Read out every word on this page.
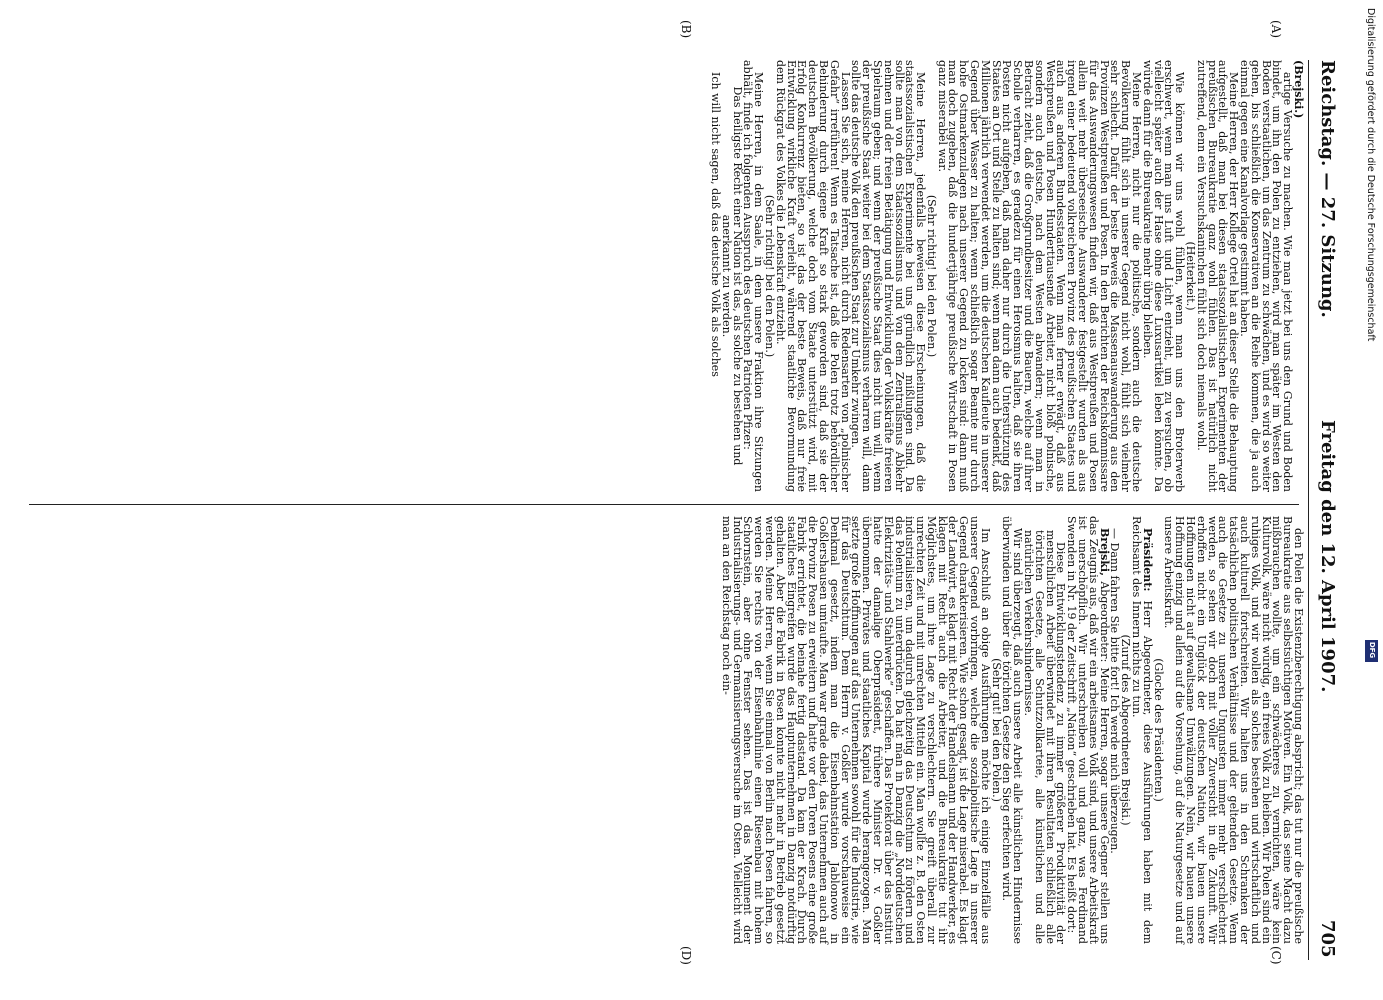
Reichstag. — 27. Sitzung.
Freitag den 12. April 1907.
705
(A)
(B)
(C)
(D)

(Brejski.)

artige Versuche zu machen. Wie man jetzt bei uns den Grund und Boden bindet, um ihn den Polen zu entziehen, wird man später im Westen den Boden verstaatlichen, um das Zentrum zu schwächen, und es wird so weiter gehen, bis schließlich die Konservativen an die Reihe kommen, die ja auch einmal gegen eine Kanalvorlage gestimmt haben.

Meine Herren, der Herr Kollege Ortel hat an dieser Stelle die Behauptung aufgestellt, daß man bei diesen staatssozialistischen Experimenten der preußischen Bureaukratie ganz wohl fühlen. Das ist natürlich nicht zutreffend, denn ein Versuchskaninchen fühlt sich doch niemals wohl.

(Heiterkeit.)

Wie können wir uns wohl fühlen, wenn man uns den Broterwerb erschwert, wenn man uns Luft und Licht entzieht, um zu versuchen, ob vielleicht später auch der Hase ohne diese Luxusartikel leben könnte. Da würde dann für die Bureaukratie mehr übrig bleiben.

Meine Herren, nicht nur die politische, sondern auch die deutsche Bevölkerung fühlt sich in unserer Gegend nicht wohl, fühlt sich vielmehr sehr schlecht. Dafür der beste Beweis die Massenauswanderung aus den Provinzen Westpreußen und Posen. In den Berichten der Reichskommissare für das Auswanderungswesen finden wir, daß aus Westpreußen und Posen allein weit mehr überseeische Auswanderer festgestellt wurden als aus irgend einer bedeutend volkreicheren Provinz des preußischen Staates und auch aus anderen Bundesstaaten. Wenn man ferner erwägt, daß aus Westpreußen und Posen Hunderttausende Arbeiter, nicht bloß polnische, sondern auch deutsche, nach dem Westen abwandern; wenn man in Betracht zieht, daß die Großgrundbesitzer und die Bauern, welche auf ihrer Scholle verharren, es geradezu für einen Heroismus halten, daß sie ihren Posten nicht aufgeben, daß man daher nur durch die Unterstützung des Staates an Ort und Stelle zu halten sind; wenn man dann auch bedenkt, daß Millionen jährlich verwendet werden, um die deutschen Kaufleute in unserer Gegend über Wasser zu halten; wenn schließlich sogar Beamte nur durch hohe Ostmarkenzulagen nach unserer Gegend zu locken sind: dann muß man doch zugeben, daß die hundertjährige preußische Wirtschaft in Posen ganz miserabel war.

(Sehr richtig! bei den Polen.)

Meine Herren, jedenfalls beweisen diese Erscheinungen, daß die staatssozialistischen Experimente bei uns gründlich mißlungen sind. Da sollte man von dem Staatssozialismus und von dem Zentralismus Abkehr nehmen und der freien Betätigung und Entwicklung der Volkskräfte freieren Spielraum geben; und wenn der preußische Staat dies nicht tun will, wenn der preußische Staat weiter bei dem Staatssozialismus verharren will, dann sollte das deutsche Volk den preußischen Staat zur Umkehr zwingen.

Lassen Sie sich, meine Herren, nicht durch Redensarten von „polnischer Gefahr“ irreführen! Wenn es Tatsache ist, daß die Polen trotz behördlicher Behinderung durch eigene Kraft so stark geworden sind, daß sie der deutschen Bevölkerung, welche doch vom Staate unterstützt wird, mit Erfolg Konkurrenz bieten, so ist das der beste Beweis, daß nur freie Entwicklung wirkliche Kraft verleiht, während staatliche Bevormundung dem Rückgrat des Volkes die Lebenskraft entzieht.

(Sehr richtig! bei den Polen.)

Meine Herren, in dem Saale, in dem unsere Fraktion ihre Sitzungen abhält, finde ich folgenden Ausspruch des deutschen Patrioten Pfizer:

Das heiligste Recht einer Nation ist das, als solche zu bestehen und anerkannt zu werden.

Ich will nicht sagen, daß das deutsche Volk als solches

den Polen die Existenzberechtigung abspricht; das tut nur die preußische Bureaukratie aus selbstsüchtigen Motiven. Ein Volk, das seine Macht dazu mißbrauchen wollte, um ein schwächeres zu vernichten, wäre kein Kulturvolk, wäre nicht würdig, ein freies Volk zu bleiben. Wir Polen sind ein ruhiges Volk, und wir wollen als solches bestehen und wirtschaftlich und auch kulturell fortschreiten. Wir halten uns in den Schranken der tatsächlichen politischen Verhältnisse und der geltenden Gesetze. Wenn auch die Gesetze zu unseren Ungunsten immer mehr verschlechtert werden, so sehen wir doch mit voller Zuversicht in die Zukunft. Wir erhoffen nicht ein Unglück der deutschen Nation, wir bauen unsere Hoffnungen nicht auf gewaltsame Umwälzungen. Nein, wir bauen unsere Hoffnung einzig und allein auf die Vorsehung, auf die Naturgesetze und auf unsere Arbeitskraft.

(Glocke des Präsidenten.)

Präsident: Herr Abgeordneter, diese Ausführungen haben mit dem Reichsamt des Innern nichts zu tun.

(Zuruf des Abgeordneten Brejski.)

— Dann fahren Sie bitte fort! Ich werde mich überzeugen.

Brejski, Abgeordneter: Meine Herren, sogar unsere Gegner stellen uns das Zeugnis aus, daß wir ein arbeitsames Volk sind, und unsere Arbeitskraft ist unerschöpflich. Wir unterschreiben voll und ganz, was Ferdinand Swenden in Nr. 19 der Zeitschrift „Nation“ geschrieben hat. Es heißt dort:

Diese Entwicklungstendenz zu immer größerer Produktivität der menschlichen Arbeit überwindet mit ihren Resultaten schließlich alle törichten Gesetze, alle Schutzzollkarteie, alle künstlichen und alle natürlichen Verkehrshindernisse.

Wir sind überzeugt, daß auch unsere Arbeit alle künstlichen Hindernisse überwinden und über die törichten Gesetze den Sieg erfechten wird.

(Sehr gut! bei den Polen.)

Im Anschluß an obige Ausführungen möchte ich einige Einzelfälle aus unserer Gegend vorbringen, welche die sozialpolitische Lage in unserer Gegend charakterisieren. Wie schon gesagt, ist die Lage miserabel. Es klagt der Landwirt, es klagt mit Recht der Handelsmann und der Handwerker, es klagen mit Recht auch die Arbeiter, und die Bureaukratie tut ihr Möglichstes, um ihre Lage zu verschlechtern. Sie greift überall zur unrechten Zeit und mit unrechten Mitteln ein. Man wollte z. B. den Osten industrialisieren, um dadurch gleichzeitig das Deutschtum zu fördern und das Polentum zu unterdrücken. Da hat man in Danzig die „Norddeutschen Elektrizitäts- und Stahlwerke“ geschaffen. Das Protektorat über das Institut hatte der damalige Oberpräsident, frühere Minister Dr. v. Goßler übernommen. Privates und staatliches Kapital wurde herangezogen. Man setzte große Hoffnungen auf das Unternehmen sowohl für die Industrie, wie für das Deutschtum. Dem Herrn v. Goßler wurde vorschauweise ein Denkmal gesetzt, indem man die Eisenbahnstation Jablonowo in Goßlershausen umtaufte. Man war grade dabei, das Unternehmen auch auf die Provinz Posen zu erweitern und hatte vor den Toren Posens eine große Fabrik errichtet, die beinahe fertig dastand. Da kam der Krach. Durch staatliches Eingreifen wurde das Hauptunternehmen in Danzig notdürftig gehalten. Aber die Fabrik in Posen konnte nicht mehr in Betrieb gesetzt werden. Meine Herren, wenn Sie einmal von Berlin nach Posen fahren, so werden Sie rechts von der Eisenbahnlinie einen Riesenbau mit hohem Schornstein, aber ohne Fenster sehen. Das ist das Monument der Industrialisierungs- und Germanisierungsversuche im Osten. Vielleicht wird man an den Reichstag noch ein-

Digitalisierung gefördert durch die Deutsche Forschungsgemeinschaft
DFG
